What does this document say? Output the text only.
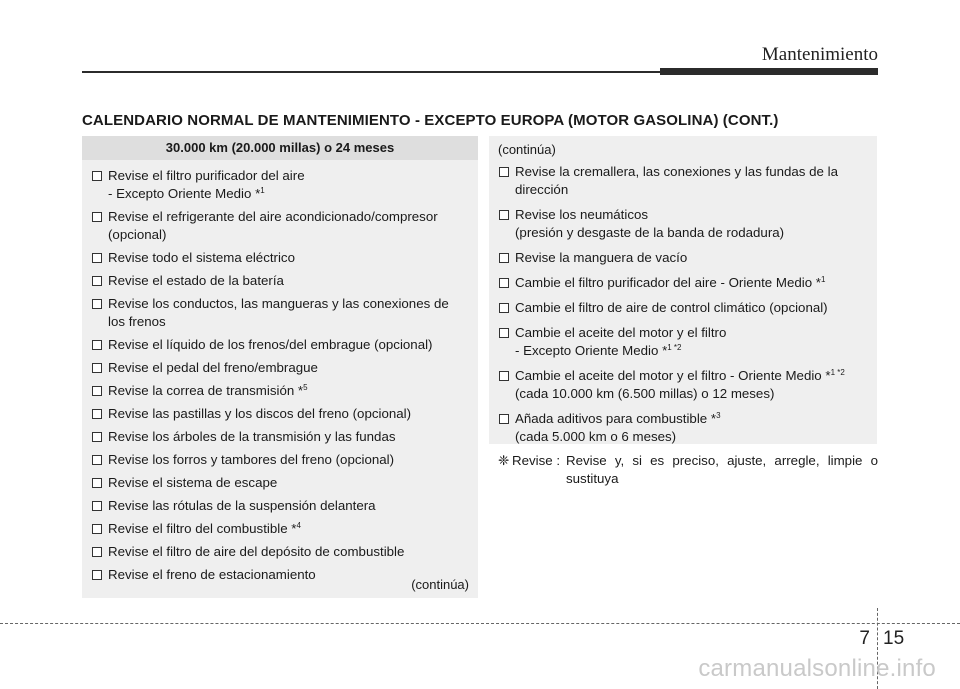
Mantenimiento
CALENDARIO NORMAL DE MANTENIMIENTO - EXCEPTO EUROPA (MOTOR GASOLINA) (CONT.)
30.000 km (20.000 millas) o 24 meses
Revise el filtro purificador del aire
- Excepto Oriente Medio *$^1$
Revise el refrigerante del aire acondicionado/compresor
(opcional)
Revise todo el sistema eléctrico
Revise el estado de la batería
Revise los conductos, las mangueras y las conexiones de
los frenos
Revise el líquido de los frenos/del embrague (opcional)
Revise el pedal del freno/embrague
Revise la correa de transmisión *$^5$
Revise las pastillas y los discos del freno (opcional)
Revise los árboles de la transmisión y las fundas
Revise los forros y tambores del freno (opcional)
Revise el sistema de escape
Revise las rótulas de la suspensión delantera
Revise el filtro del combustible *$^4$
Revise el filtro de aire del depósito de combustible
Revise el freno de estacionamiento
(continúa)
(continúa)
Revise la cremallera, las conexiones y las fundas de la
dirección
Revise los neumáticos
(presión y desgaste de la banda de rodadura)
Revise la manguera de vacío
Cambie el filtro purificador del aire - Oriente Medio *$^1$
Cambie el filtro de aire de control climático (opcional)
Cambie el aceite del motor y el filtro
- Excepto Oriente Medio *$^{1 *2}$
Cambie el aceite del motor y el filtro - Oriente Medio *$^{1 *2}$
(cada 10.000 km (6.500 millas) o 12 meses)
Añada aditivos para combustible *$^3$
(cada 5.000 km o 6 meses)
❈ Revise : Revise y, si es preciso, ajuste, arregle, limpie o sustituya
7 15
carmanualsonline.info
